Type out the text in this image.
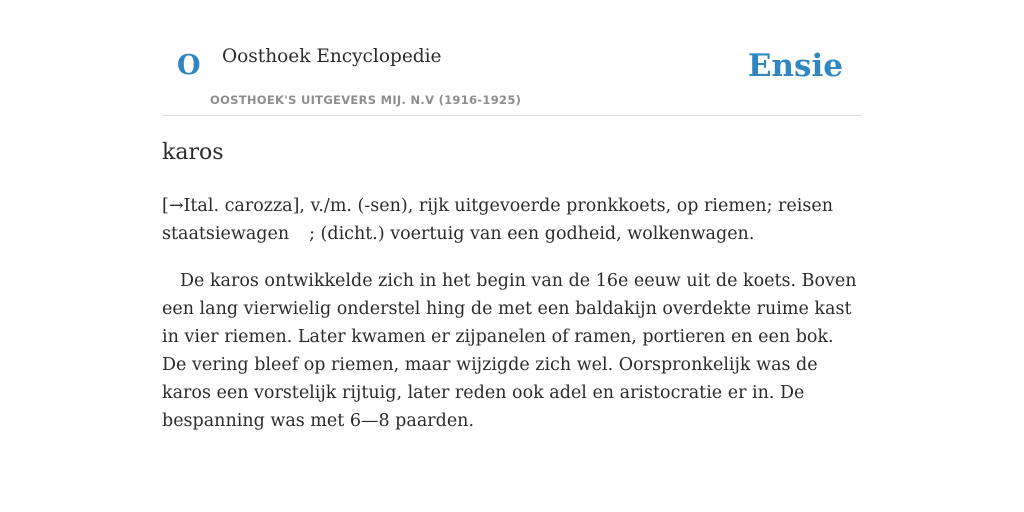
O Oosthoek Encyclopedie
OOSTHOEK'S UITGEVERS MIJ. N.V (1916-1925)
Ensie
karos

[→Ital. carozza], v./m. (-sen), rijk uitgevoerde pronkkoets, op riemen; reisen staatsiewagen ; (dicht.) voertuig van een godheid, wolkenwagen.

De karos ontwikkelde zich in het begin van de 16e eeuw uit de koets. Boven een lang vierwielig onderstel hing de met een baldakijn overdekte ruime kast in vier riemen. Later kwamen er zijpanelen of ramen, portieren en een bok. De vering bleef op riemen, maar wijzigde zich wel. Oorspronkelijk was de karos een vorstelijk rijtuig, later reden ook adel en aristocratie er in. De bespanning was met 6—8 paarden.
